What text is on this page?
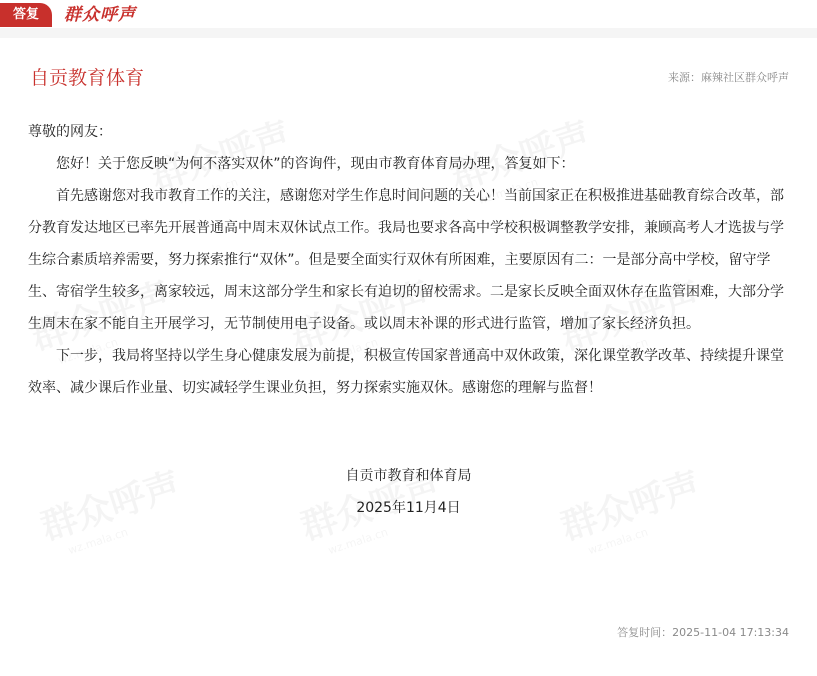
答复	群众呼声
自贡教育体育	来源：麻辣社区群众呼声

尊敬的网友：

您好！关于您反映“为何不落实双休”的咨询件，现由市教育体育局办理，答复如下：

首先感谢您对我市教育工作的关注，感谢您对学生作息时间问题的关心！当前国家正在积极推进基础教育综合改革，部分教育发达地区已率先开展普通高中周末双休试点工作。我局也要求各高中学校积极调整教学安排，兼顾高考人才选拔与学生综合素质培养需要，努力探索推行“双休”。但是要全面实行双休有所困难，主要原因有二：一是部分高中学校，留守学生、寄宿学生较多，离家较远，周末这部分学生和家长有迫切的留校需求。二是家长反映全面双休存在监管困难，大部分学生周末在家不能自主开展学习，无节制使用电子设备。或以周末补课的形式进行监管，增加了家长经济负担。

下一步，我局将坚持以学生身心健康发展为前提，积极宣传国家普通高中双休政策，深化课堂教学改革、持续提升课堂效率、减少课后作业量、切实减轻学生课业负担，努力探索实施双休。感谢您的理解与监督！

自贡市教育和体育局
2025年11月4日
答复时间：2025-11-04 17:13:34
